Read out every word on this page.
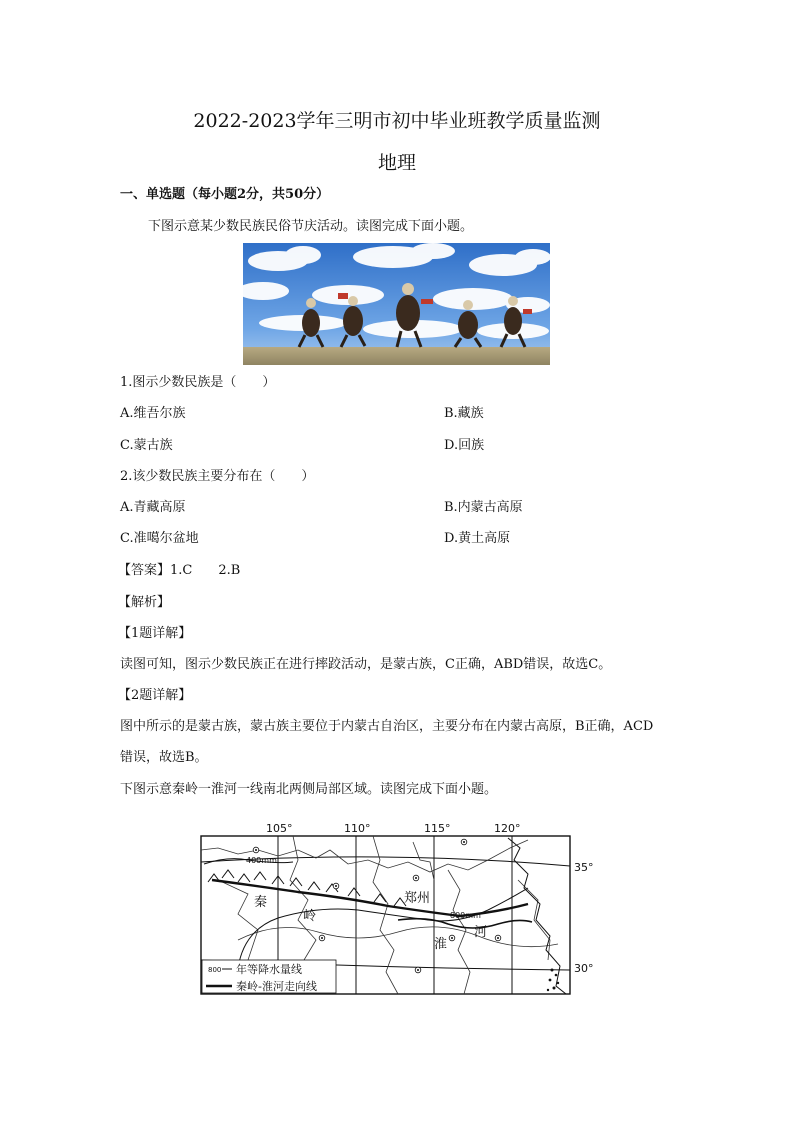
2022-2023学年三明市初中毕业班教学质量监测
地理
一、单选题（每小题2分，共50分）
下图示意某少数民族民俗节庆活动。读图完成下面小题。
1.图示少数民族是（　　）
A.维吾尔族	B.藏族
C.蒙古族	D.回族
2.该少数民族主要分布在（　　）
A.青藏高原	B.内蒙古高原
C.准噶尔盆地	D.黄土高原
【答案】1.C　　2.B
【解析】
【1题详解】
读图可知，图示少数民族正在进行摔跤活动，是蒙古族，C正确，ABD错误，故选C。
【2题详解】
图中所示的是蒙古族，蒙古族主要位于内蒙古自治区，主要分布在内蒙古高原，B正确，ACD
错误，故选B。
下图示意秦岭一淮河一线南北两侧局部区域。读图完成下面小题。
105°	110°	115°	120°
35°
30°
400mm
800mm
秦
岭
郑州
淮
河
800 年等降水量线
秦岭-淮河走向线
